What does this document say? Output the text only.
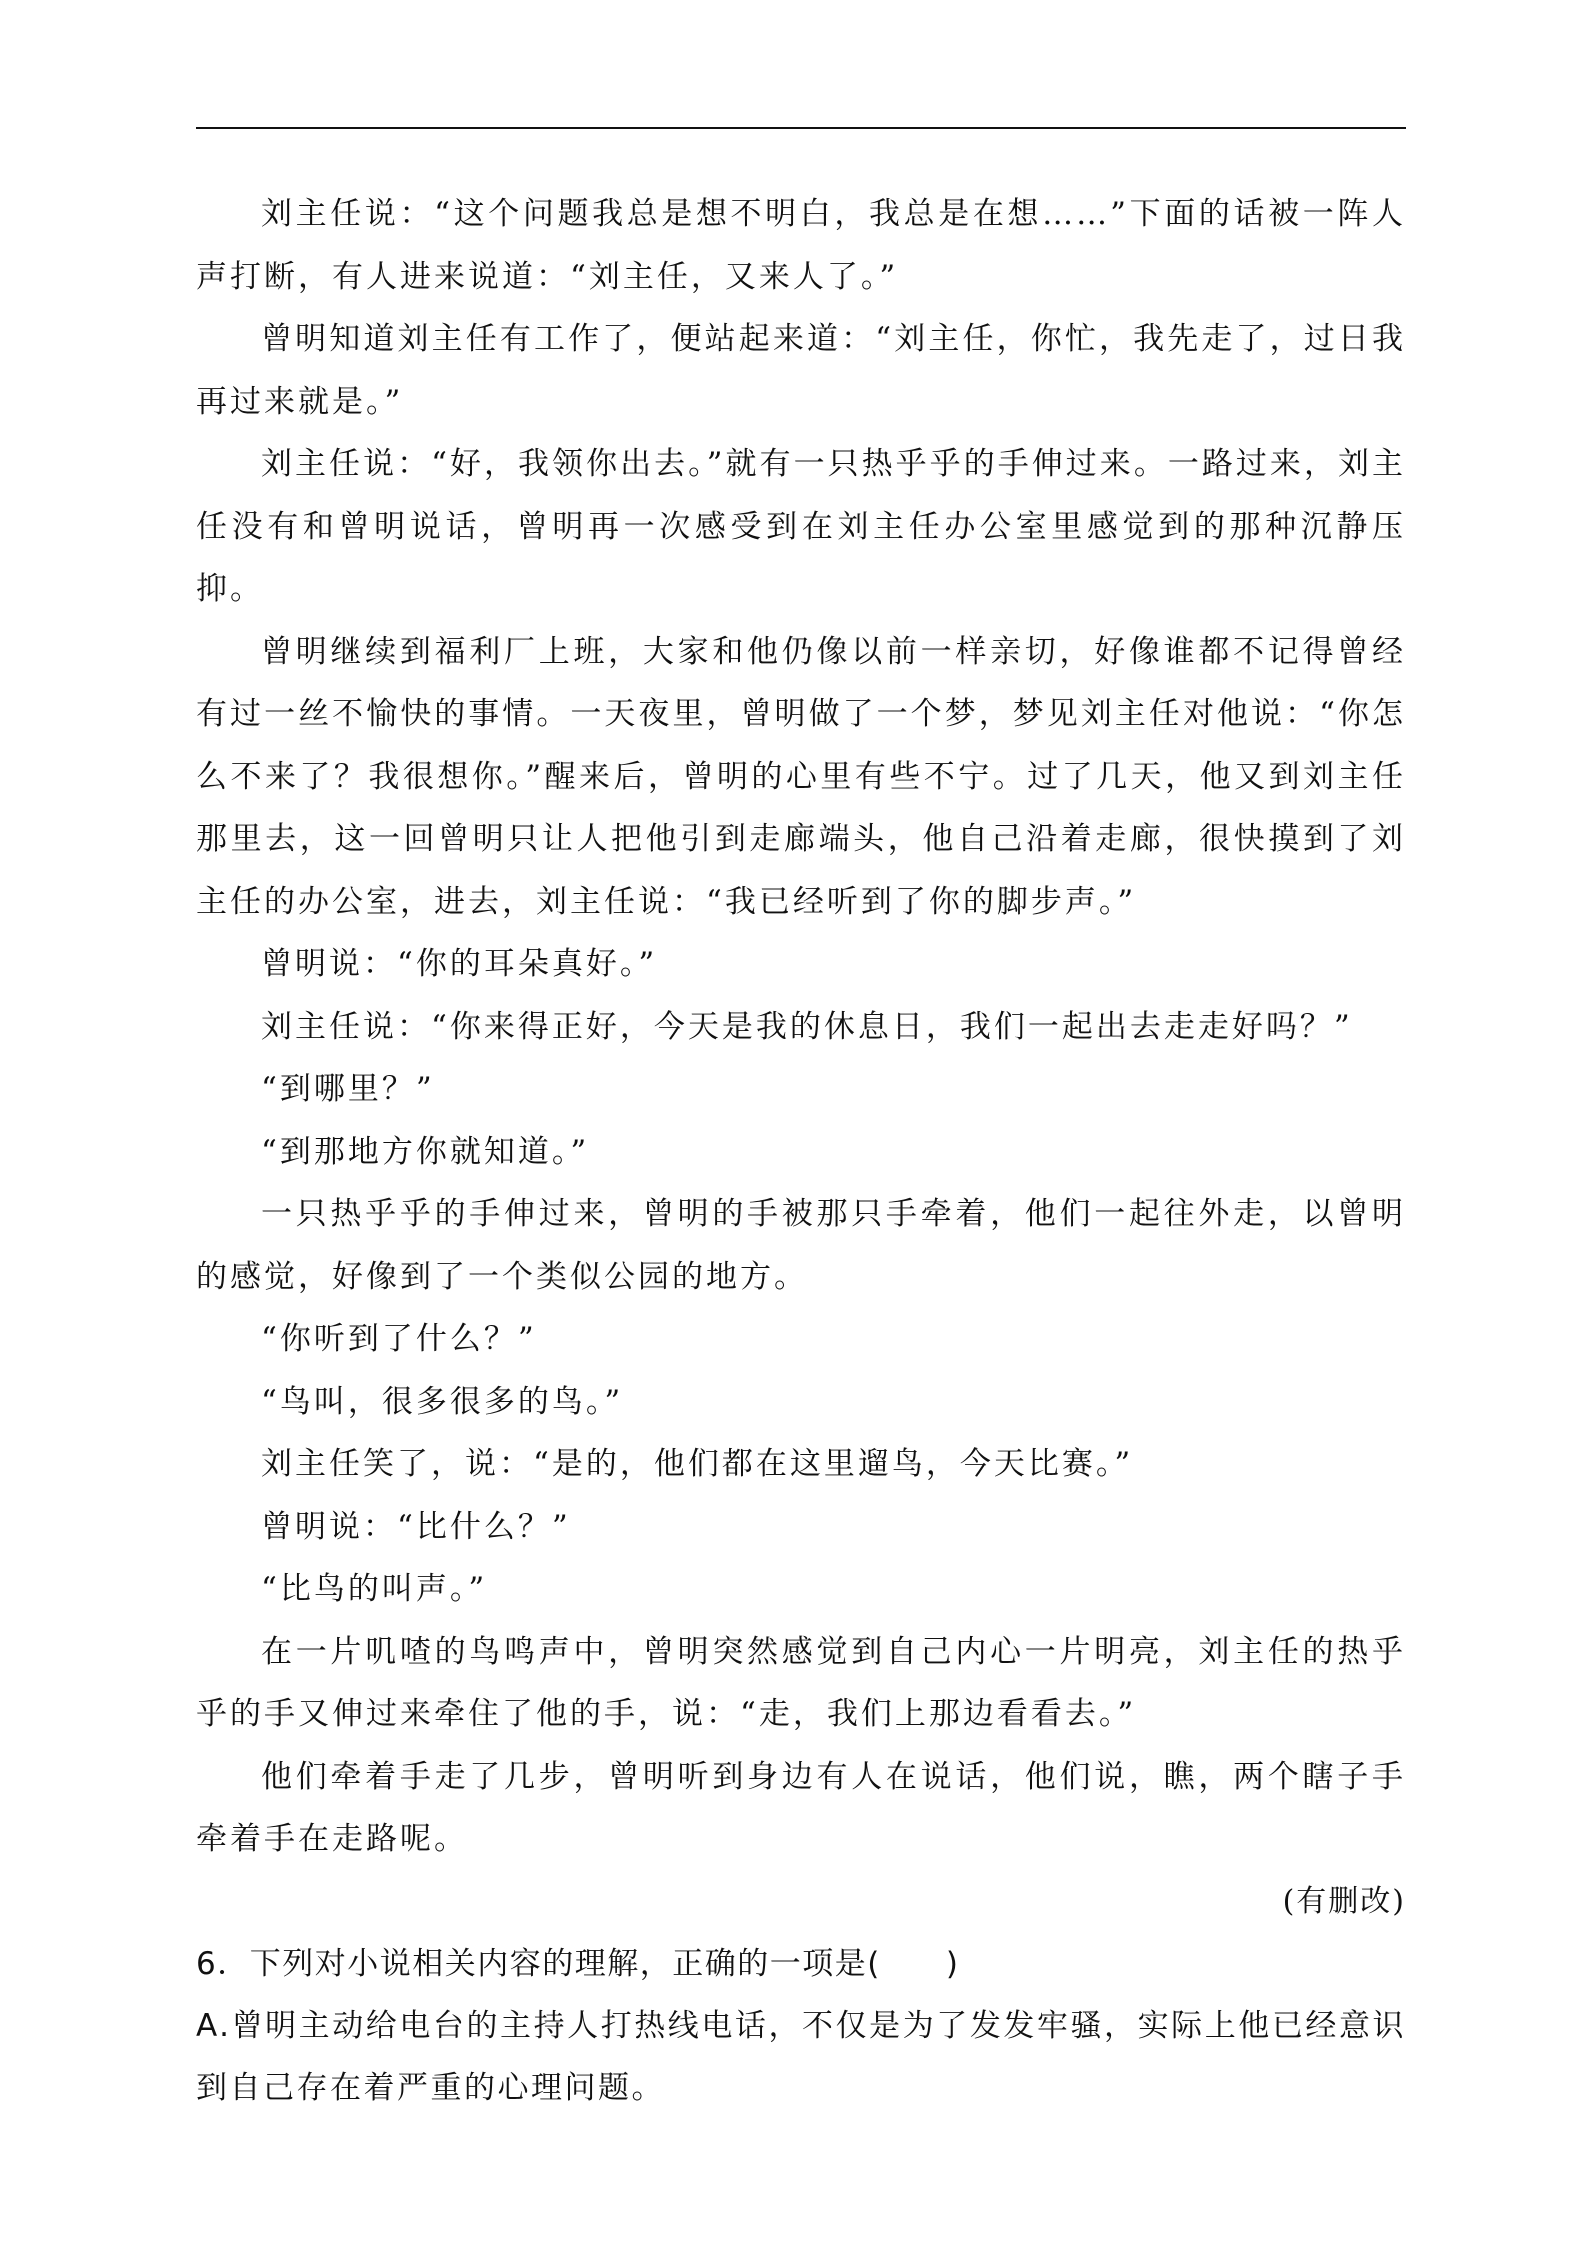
刘主任说：“这个问题我总是想不明白，我总是在想……”下面的话被一阵人声打断，有人进来说道：“刘主任，又来人了。”

曾明知道刘主任有工作了，便站起来道：“刘主任，你忙，我先走了，过日我再过来就是。”

刘主任说：“好，我领你出去。”就有一只热乎乎的手伸过来。一路过来，刘主任没有和曾明说话，曾明再一次感受到在刘主任办公室里感觉到的那种沉静压抑。

曾明继续到福利厂上班，大家和他仍像以前一样亲切，好像谁都不记得曾经有过一丝不愉快的事情。一天夜里，曾明做了一个梦，梦见刘主任对他说：“你怎么不来了？我很想你。”醒来后，曾明的心里有些不宁。过了几天，他又到刘主任那里去，这一回曾明只让人把他引到走廊端头，他自己沿着走廊，很快摸到了刘主任的办公室，进去，刘主任说：“我已经听到了你的脚步声。”

曾明说：“你的耳朵真好。”

刘主任说：“你来得正好，今天是我的休息日，我们一起出去走走好吗？”

“到哪里？”

“到那地方你就知道。”

一只热乎乎的手伸过来，曾明的手被那只手牵着，他们一起往外走，以曾明的感觉，好像到了一个类似公园的地方。

“你听到了什么？”

“鸟叫，很多很多的鸟。”

刘主任笑了，说：“是的，他们都在这里遛鸟，今天比赛。”

曾明说：“比什么？”

“比鸟的叫声。”

在一片叽喳的鸟鸣声中，曾明突然感觉到自己内心一片明亮，刘主任的热乎乎的手又伸过来牵住了他的手，说：“走，我们上那边看看去。”

他们牵着手走了几步，曾明听到身边有人在说话，他们说，瞧，两个瞎子手牵着手在走路呢。

(有删改)

6．下列对小说相关内容的理解，正确的一项是(　　)

A.曾明主动给电台的主持人打热线电话，不仅是为了发发牢骚，实际上他已经意识到自己存在着严重的心理问题。
